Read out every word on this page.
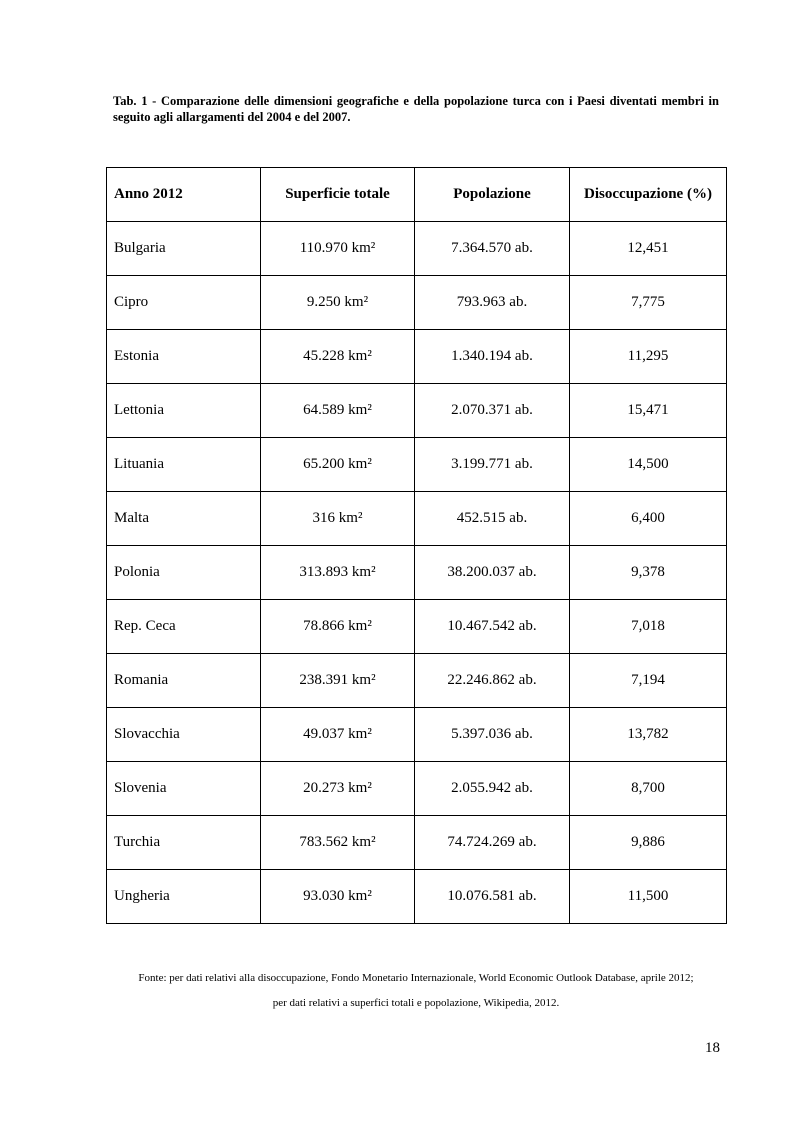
Tab. 1 - Comparazione delle dimensioni geografiche e della popolazione turca con i Paesi diventati membri in seguito agli allargamenti del 2004 e del 2007.

Anno 2012	Superficie totale	Popolazione	Disoccupazione (%)
Bulgaria	110.970 km²	7.364.570 ab.	12,451
Cipro	9.250 km²	793.963 ab.	7,775
Estonia	45.228 km²	1.340.194 ab.	11,295
Lettonia	64.589 km²	2.070.371 ab.	15,471
Lituania	65.200 km²	3.199.771 ab.	14,500
Malta	316 km²	452.515 ab.	6,400
Polonia	313.893 km²	38.200.037 ab.	9,378
Rep. Ceca	78.866 km²	10.467.542 ab.	7,018
Romania	238.391 km²	22.246.862 ab.	7,194
Slovacchia	49.037 km²	5.397.036 ab.	13,782
Slovenia	20.273 km²	2.055.942 ab.	8,700
Turchia	783.562 km²	74.724.269 ab.	9,886
Ungheria	93.030 km²	10.076.581 ab.	11,500
Fonte: per dati relativi alla disoccupazione, Fondo Monetario Internazionale, World Economic Outlook Database, aprile 2012;
per dati relativi a superfici totali e popolazione, Wikipedia, 2012.

18
